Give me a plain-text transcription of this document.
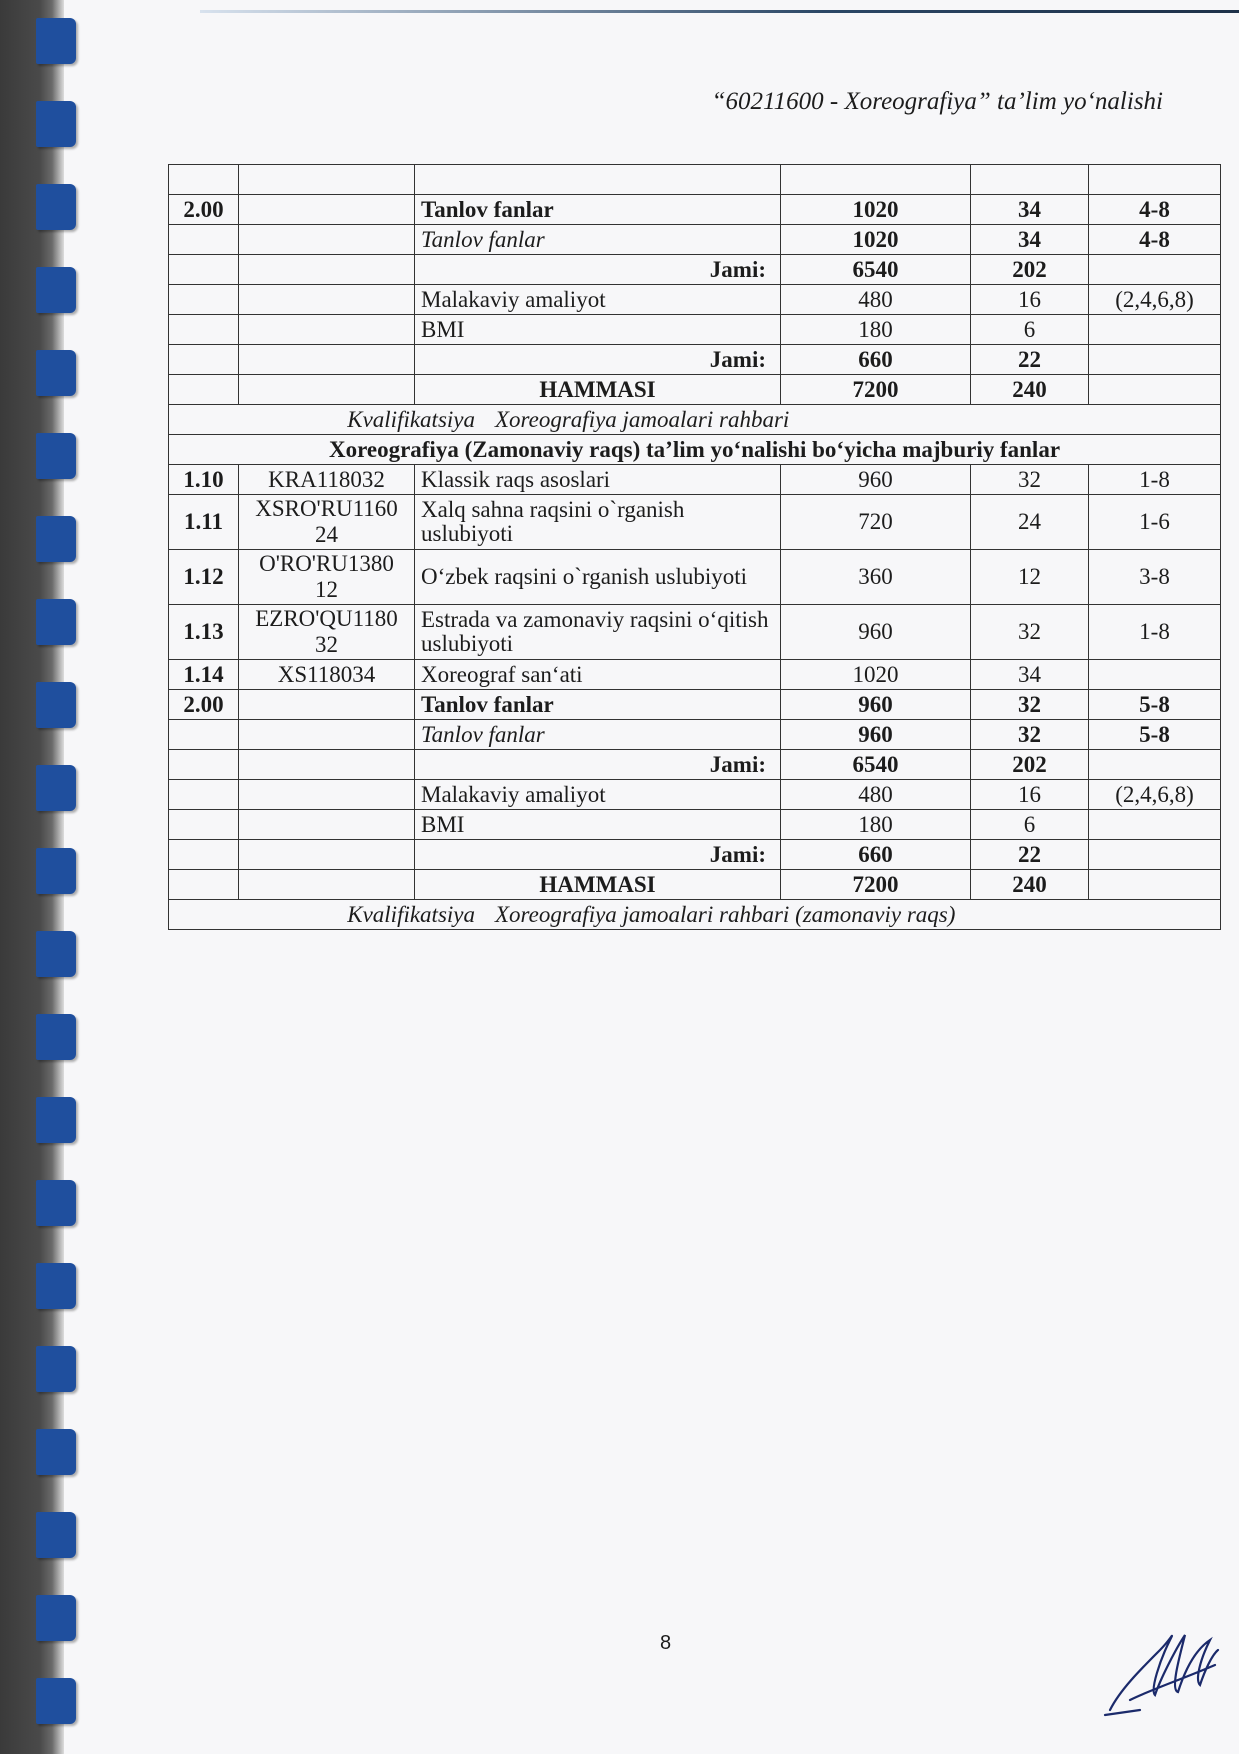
“60211600 - Xoreografiya” ta’lim yo‘nalishi

2.00		Tanlov fanlar	1020	34	4-8
		Tanlov fanlar	1020	34	4-8
		Jami:	6540	202	
		Malakaviy amaliyot	480	16	(2,4,6,8)
		BMI	180	6	
		Jami:	660	22	
		HAMMASI	7200	240	
Kvalifikatsiya Xoreografiya jamoalari rahbari					
Xoreografiya (Zamonaviy raqs) ta’lim yo‘nalishi bo‘yicha majburiy fanlar					
1.10	KRA118032	Klassik raqs asoslari	960	32	1-8
1.11	XSRO'RU1160 24	Xalq sahna raqsini o`rganish uslubiyoti	720	24	1-6
1.12	O'RO'RU1380 12	O‘zbek raqsini o`rganish uslubiyoti	360	12	3-8
1.13	EZRO'QU1180 32	Estrada va zamonaviy raqsini o‘qitish uslubiyoti	960	32	1-8
1.14	XS118034	Xoreograf san‘ati	1020	34	
2.00		Tanlov fanlar	960	32	5-8
		Tanlov fanlar	960	32	5-8
		Jami:	6540	202	
		Malakaviy amaliyot	480	16	(2,4,6,8)
		BMI	180	6	
		Jami:	660	22	
		HAMMASI	7200	240	
Kvalifikatsiya Xoreografiya jamoalari rahbari (zamonaviy raqs)					
8
